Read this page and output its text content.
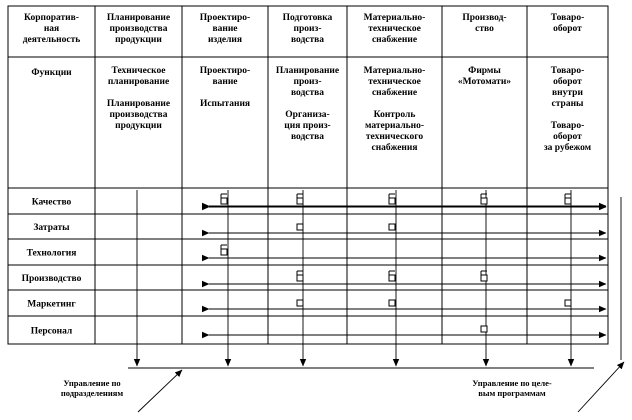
Корпоратив-
ная
деятельность
Планирование
производства
продукции
Проектиро-
вание
изделия
Подготовка
произ-
водства
Материально-
техническое
снабжение
Производ-
ство
Товаро-
оборот
Функции	Техническое
планирование
Планирование
производства
продукции
Проектиро-
вание
Испытания
Планирование
произ-
водства
Организа-
ция произ-
водства
Материально-
техническое
снабжение
Контроль
материально-
технического
снабжения
Фирмы
«Мотомати»
Товаро-
оборот
внутри
страны
Товаро-
оборот
за рубежом
Качество
Затраты
Технология
Производство
Маркетинг
Персонал
Управление по
подразделениям
Управление по целе-
вым программам
